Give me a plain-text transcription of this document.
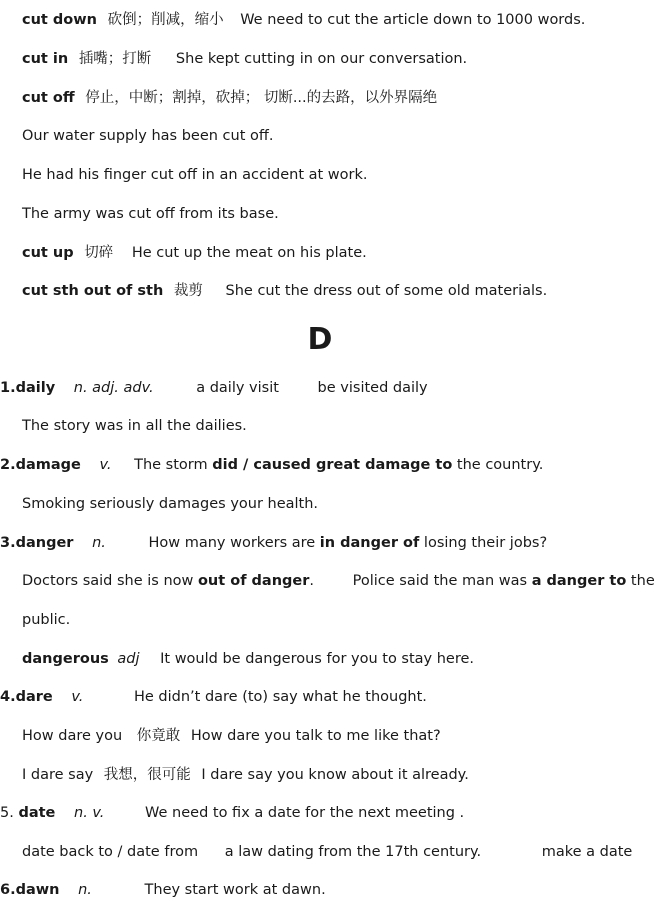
cut down 砍倒；削减，缩小 We need to cut the article down to 1000 words.
cut in 插嘴；打断 She kept cutting in on our conversation.
cut off 停止，中断；割掉，砍掉； 切断...的去路，以外界隔绝
Our water supply has been cut off.
He had his finger cut off in an accident at work.
The army was cut off from its base.
cut up 切碎 He cut up the meat on his plate.
cut sth out of sth 裁剪 She cut the dress out of some old materials.
D
1.daily n. adj. adv.	a daily visit	be visited daily
The story was in all the dailies.
2.damage v. The storm did / caused great damage to the country.
Smoking seriously damages your health.
3.danger n.	How many workers are in danger of losing their jobs?
Doctors said she is now out of danger.	Police said the man was a danger to the
public.
dangerous adj It would be dangerous for you to stay here.
4.dare v.	He didn’t dare (to) say what he thought.
How dare you 你竟敢 How dare you talk to me like that?
I dare say 我想，很可能 I dare say you know about it already.
5. date n. v.	We need to fix a date for the next meeting .
date back to / date from a law dating from the 17th century.	make a date
6.dawn n.	They start work at dawn.
